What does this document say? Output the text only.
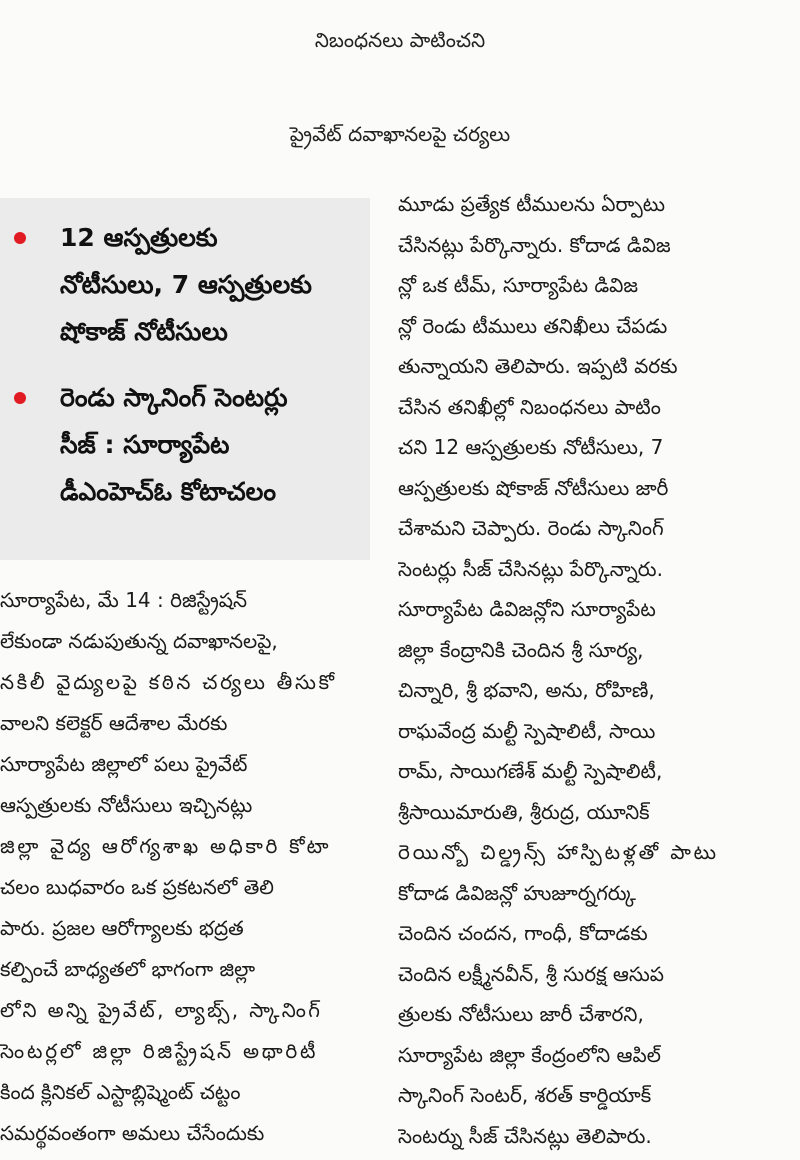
నిబంధనలు పాటించని
ప్రైవేట్ దవాఖానలపై చర్యలు
12 ఆస్పత్రులకు
నోటీసులు, 7 ఆస్పత్రులకు
షోకాజ్ నోటీసులు
రెండు స్కానింగ్ సెంటర్లు
సీజ్ : సూర్యాపేట
డీఎంహెచ్ఓ కోటాచలం
సూర్యాపేట, మే 14 : రిజిస్ట్రేషన్
లేకుండా నడుపుతున్న దవాఖానలపై,
నకిలీ వైద్యులపై కఠిన చర్యలు తీసుకో
వాలని కలెక్టర్ ఆదేశాల మేరకు
సూర్యాపేట జిల్లాలో పలు ప్రైవేట్
ఆస్పత్రులకు నోటీసులు ఇచ్చినట్లు
జిల్లా వైద్య ఆరోగ్యశాఖ అధికారి కోటా
చలం బుధవారం ఒక ప్రకటనలో తెలి
పారు. ప్రజల ఆరోగ్యాలకు భద్రత
కల్పించే బాధ్యతలో భాగంగా జిల్లా
లోని అన్ని ప్రైవేట్, ల్యాబ్స్, స్కానింగ్
సెంటర్లలో జిల్లా రిజిస్ట్రేషన్ అథారిటీ
కింద క్లినికల్ ఎస్టాబ్లిష్మెంట్ చట్టం
సమర్థవంతంగా అమలు చేసేందుకు
మూడు ప్రత్యేక టీములను ఏర్పాటు
చేసినట్లు పేర్కొన్నారు. కోదాడ డివిజ
న్లో ఒక టీమ్, సూర్యాపేట డివిజ
న్లో రెండు టీములు తనిఖీలు చేపడు
తున్నాయని తెలిపారు. ఇప్పటి వరకు
చేసిన తనిఖీల్లో నిబంధనలు పాటిం
చని 12 ఆస్పత్రులకు నోటీసులు, 7
ఆస్పత్రులకు షోకాజ్ నోటీసులు జారీ
చేశామని చెప్పారు. రెండు స్కానింగ్
సెంటర్లు సీజ్ చేసినట్లు పేర్కొన్నారు.
సూర్యాపేట డివిజన్లోని సూర్యాపేట
జిల్లా కేంద్రానికి చెందిన శ్రీ సూర్య,
చిన్నారి, శ్రీ భవాని, అను, రోహిణి,
రాఘవేంద్ర మల్టీ స్పెషాలిటీ, సాయి
రామ్, సాయిగణేశ్ మల్టీ స్పెషాలిటీ,
శ్రీసాయిమారుతి, శ్రీరుద్ర, యూనిక్
రెయిన్బో చిల్డ్రన్స్ హాస్పిటళ్లతో పాటు
కోదాడ డివిజన్లో హుజూర్నగర్కు
చెందిన చందన, గాంధీ, కోదాడకు
చెందిన లక్ష్మీనవీన్, శ్రీ సురక్ష ఆసుప
త్రులకు నోటీసులు జారీ చేశారని,
సూర్యాపేట జిల్లా కేంద్రంలోని ఆపిల్
స్కానింగ్ సెంటర్, శరత్ కార్డియాక్
సెంటర్ను సీజ్ చేసినట్లు తెలిపారు.
